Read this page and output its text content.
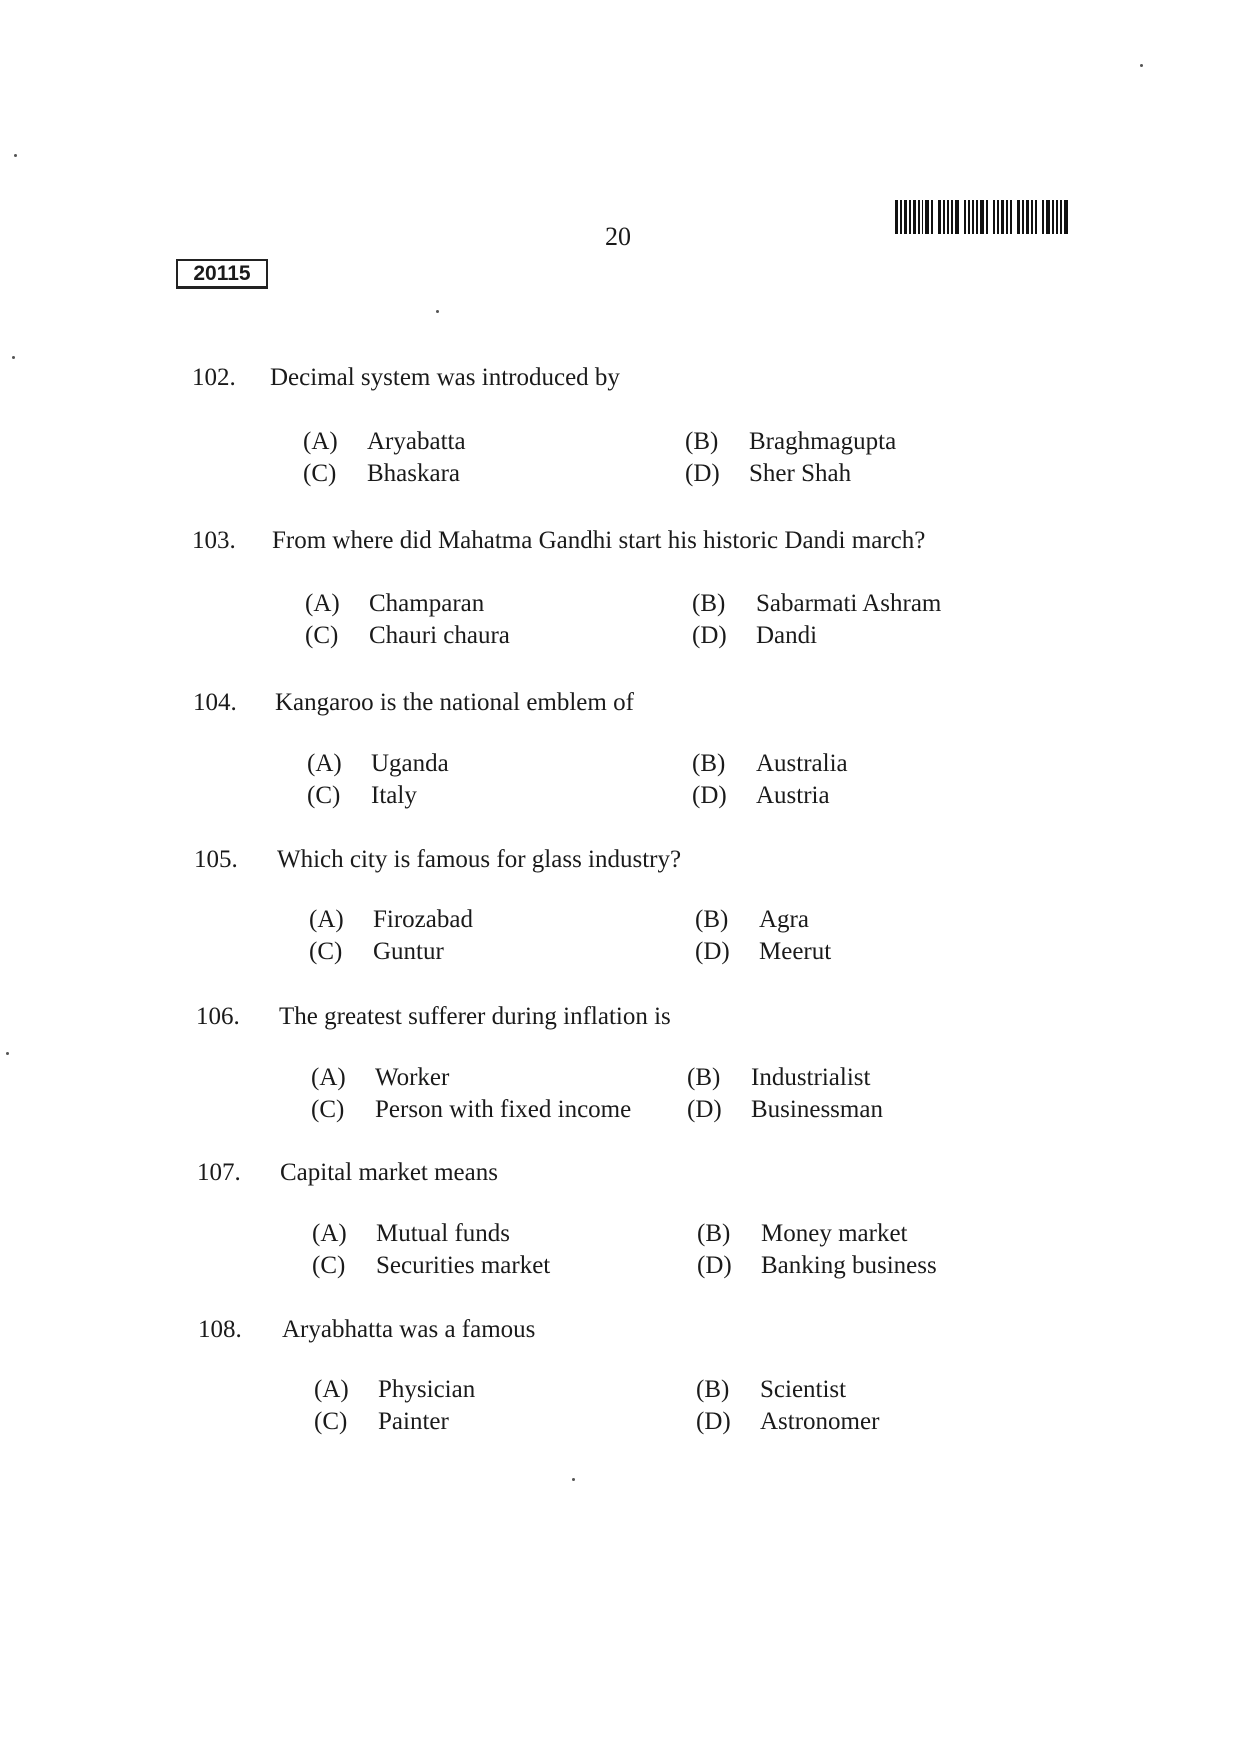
20
20115
102. Decimal system was introduced by
(A) Aryabatta	(B) Braghmagupta
(C) Bhaskara	(D) Sher Shah
103. From where did Mahatma Gandhi start his historic Dandi march?
(A) Champaran	(B) Sabarmati Ashram
(C) Chauri chaura	(D) Dandi
104. Kangaroo is the national emblem of
(A) Uganda	(B) Australia
(C) Italy	(D) Austria
105. Which city is famous for glass industry?
(A) Firozabad	(B) Agra
(C) Guntur	(D) Meerut
106. The greatest sufferer during inflation is
(A) Worker	(B) Industrialist
(C) Person with fixed income (D) Businessman
107. Capital market means
(A) Mutual funds	(B) Money market
(C) Securities market	(D) Banking business
108. Aryabhatta was a famous
(A) Physician	(B) Scientist
(C) Painter	(D) Astronomer
